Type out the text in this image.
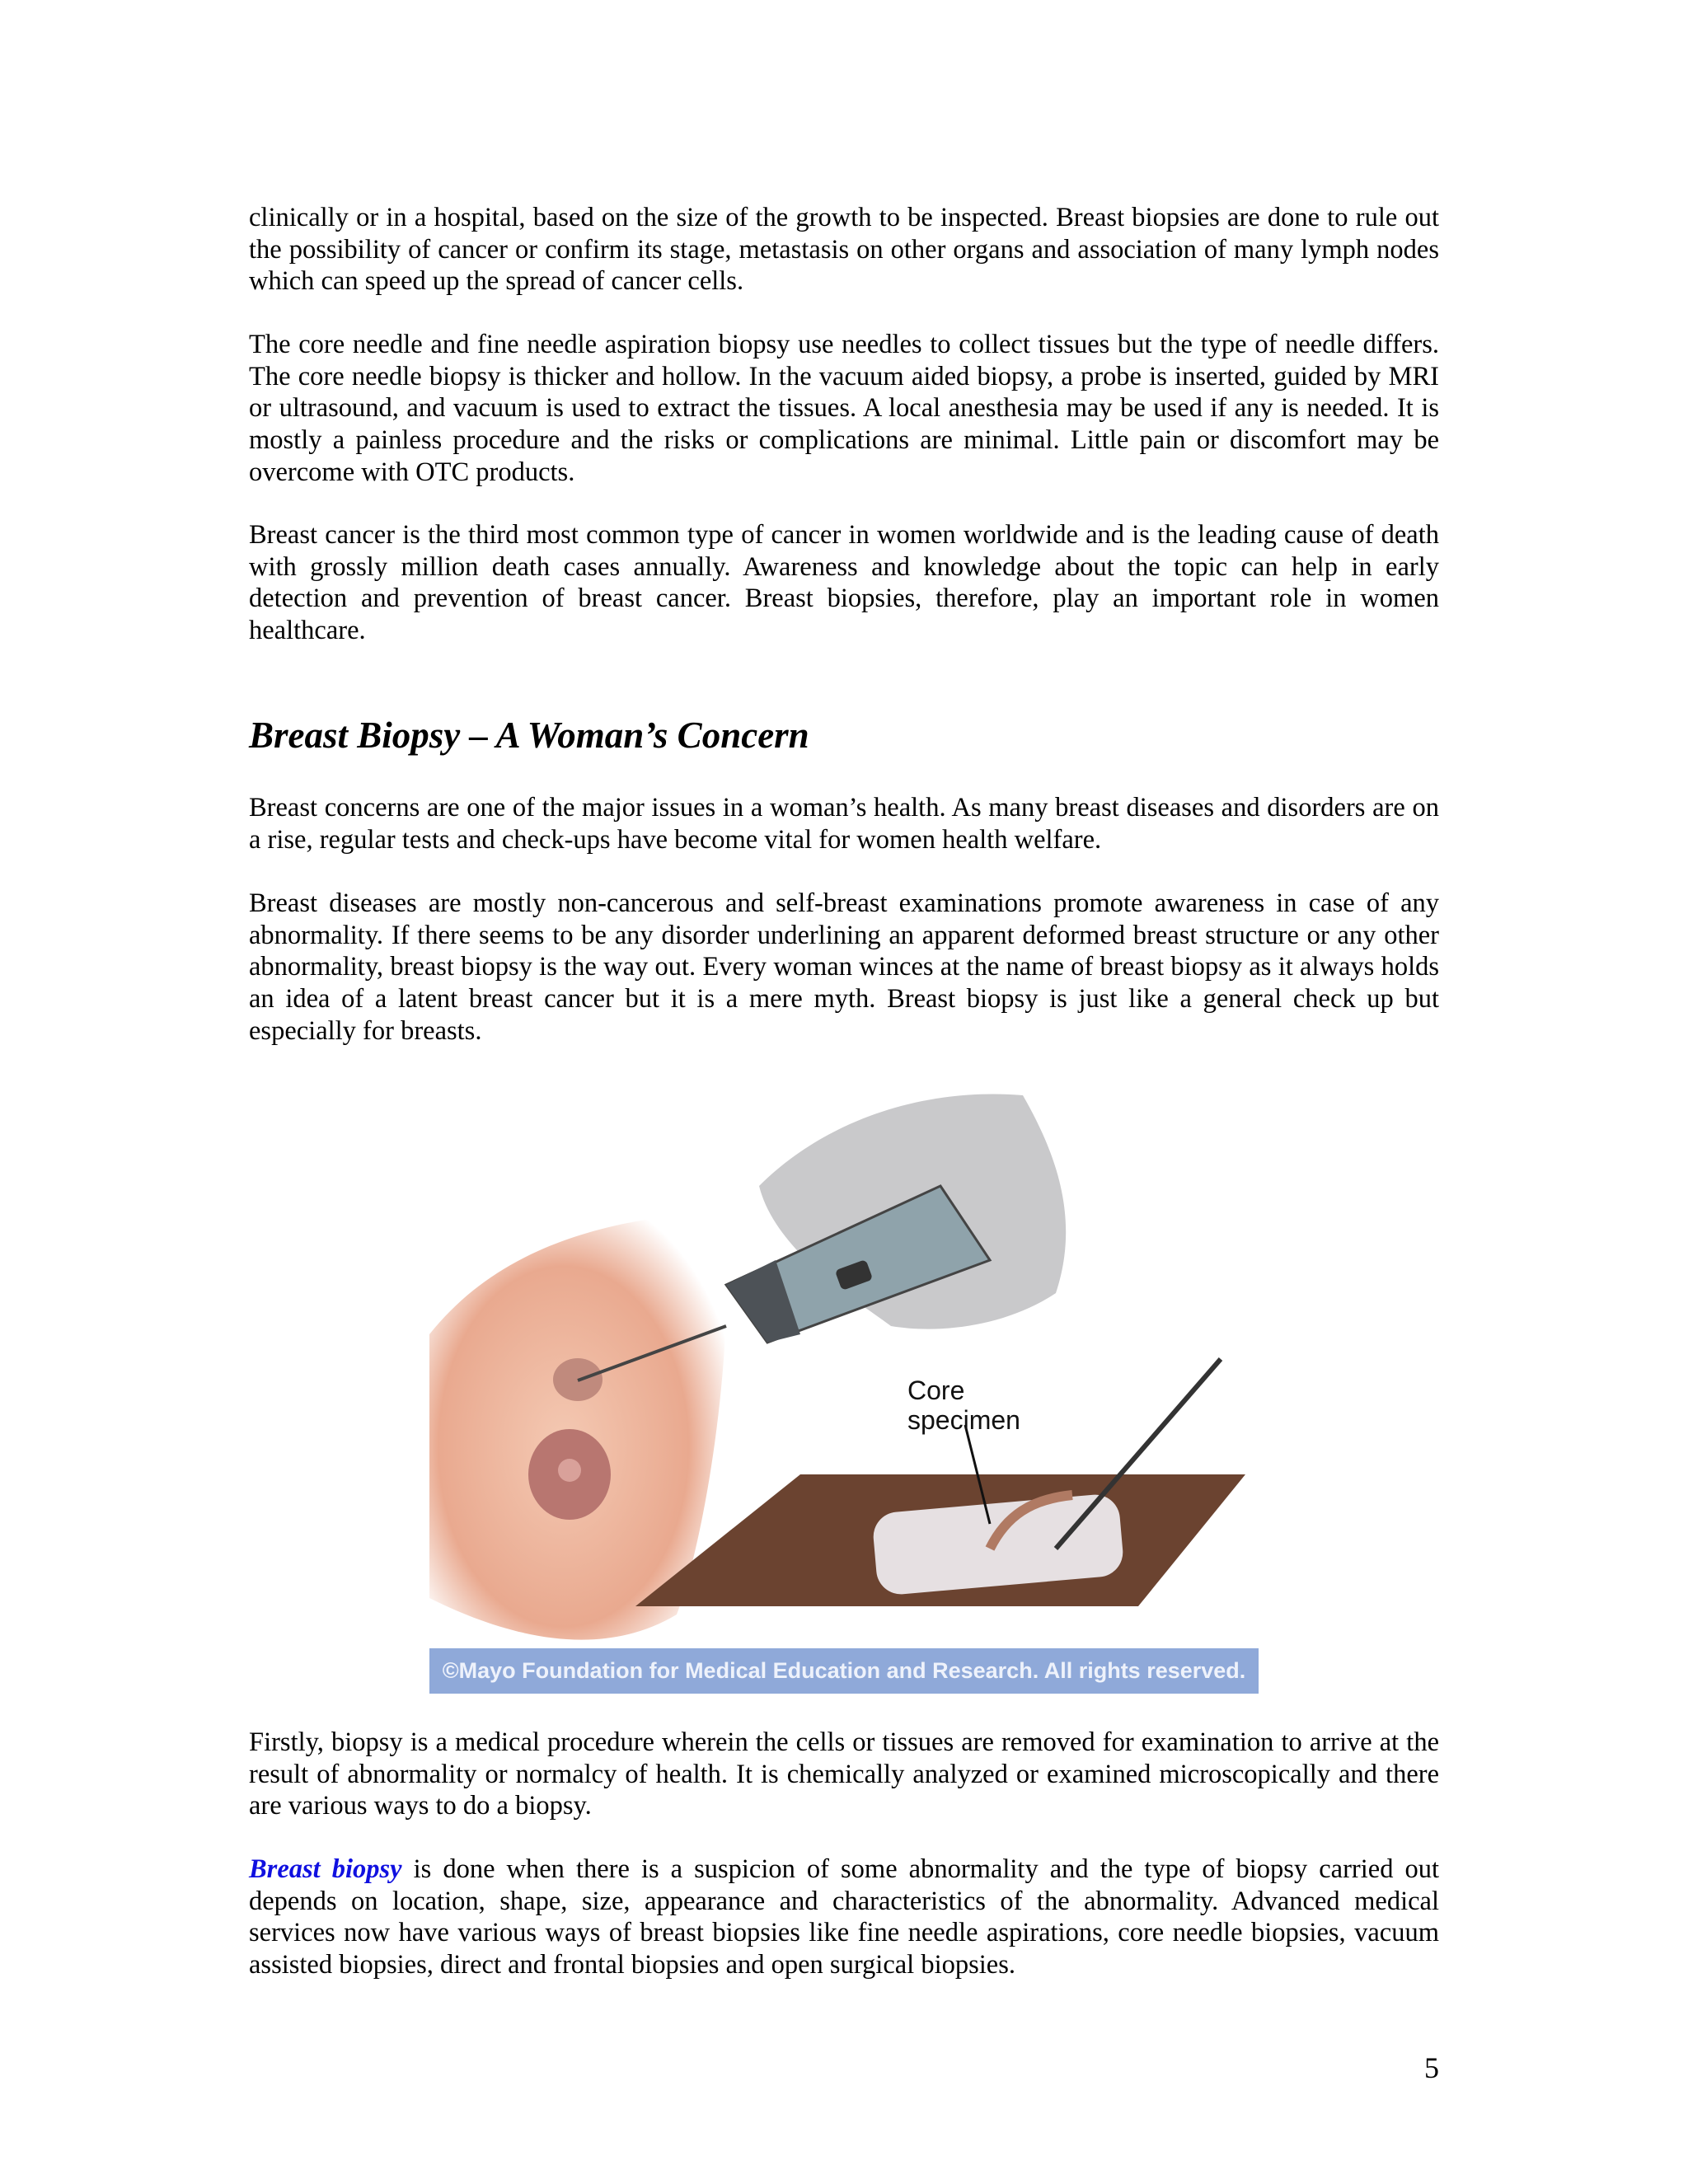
clinically or in a hospital, based on the size of the growth to be inspected. Breast biopsies are done to rule out the possibility of cancer or confirm its stage, metastasis on other organs and association of many lymph nodes which can speed up the spread of cancer cells.

The core needle and fine needle aspiration biopsy use needles to collect tissues but the type of needle differs. The core needle biopsy is thicker and hollow. In the vacuum aided biopsy, a probe is inserted, guided by MRI or ultrasound, and vacuum is used to extract the tissues. A local anesthesia may be used if any is needed. It is mostly a painless procedure and the risks or complications are minimal. Little pain or discomfort may be overcome with OTC products.

Breast cancer is the third most common type of cancer in women worldwide and is the leading cause of death with grossly million death cases annually. Awareness and knowledge about the topic can help in early detection and prevention of breast cancer. Breast biopsies, therefore, play an important role in women healthcare.

Breast Biopsy – A Woman’s Concern

Breast concerns are one of the major issues in a woman’s health. As many breast diseases and disorders are on a rise, regular tests and check-ups have become vital for women health welfare.

Breast diseases are mostly non-cancerous and self-breast examinations promote awareness in case of any abnormality. If there seems to be any disorder underlining an apparent deformed breast structure or any other abnormality, breast biopsy is the way out. Every woman winces at the name of breast biopsy as it always holds an idea of a latent breast cancer but it is a mere myth. Breast biopsy is just like a general check up but especially for breasts.

Core
specimen
©Mayo Foundation for Medical Education and Research. All rights reserved.

Firstly, biopsy is a medical procedure wherein the cells or tissues are removed for examination to arrive at the result of abnormality or normalcy of health. It is chemically analyzed or examined microscopically and there are various ways to do a biopsy.

Breast biopsy is done when there is a suspicion of some abnormality and the type of biopsy carried out depends on location, shape, size, appearance and characteristics of the abnormality. Advanced medical services now have various ways of breast biopsies like fine needle aspirations, core needle biopsies, vacuum assisted biopsies, direct and frontal biopsies and open surgical biopsies.

5
